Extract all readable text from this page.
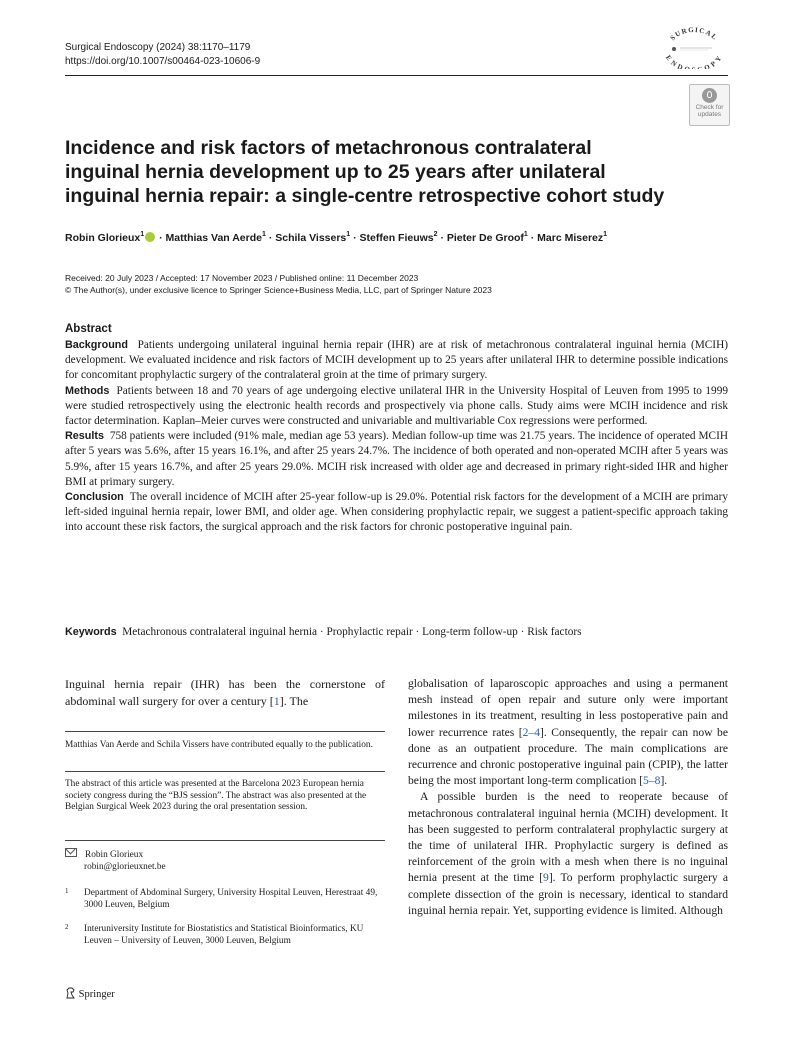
Surgical Endoscopy (2024) 38:1170–1179
https://doi.org/10.1007/s00464-023-10606-9
SURGICAL
END OPY
Check for
updates
Incidence and risk factors of metachronous contralateral inguinal hernia development up to 25 years after unilateral inguinal hernia repair: a single-centre retrospective cohort study
Robin Glorieux$^1$ · Matthias Van Aerde$^1$ · Schila Vissers$^1$ · Steffen Fieuws$^2$ · Pieter De Groof$^1$ · Marc Miserez$^1$
Received: 20 July 2023 / Accepted: 17 November 2023 / Published online: 11 December 2023
© The Author(s), under exclusive licence to Springer Science+Business Media, LLC, part of Springer Nature 2023
Abstract

Background Patients undergoing unilateral inguinal hernia repair (IHR) are at risk of metachronous contralateral inguinal hernia (MCIH) development. We evaluated incidence and risk factors of MCIH development up to 25 years after unilateral IHR to determine possible indications for concomitant prophylactic surgery of the contralateral groin at the time of primary surgery.

Methods Patients between 18 and 70 years of age undergoing elective unilateral IHR in the University Hospital of Leuven from 1995 to 1999 were studied retrospectively using the electronic health records and prospectively via phone calls. Study aims were MCIH incidence and risk factor determination. Kaplan–Meier curves were constructed and univariable and multivariable Cox regressions were performed.

Results 758 patients were included (91% male, median age 53 years). Median follow-up time was 21.75 years. The incidence of operated MCIH after 5 years was 5.6%, after 15 years 16.1%, and after 25 years 24.7%. The incidence of both operated and non-operated MCIH after 5 years was 5.9%, after 15 years 16.7%, and after 25 years 29.0%. MCIH risk increased with older age and decreased in primary right-sided IHR and higher BMI at primary surgery.

Conclusion The overall incidence of MCIH after 25-year follow-up is 29.0%. Potential risk factors for the development of a MCIH are primary left-sided inguinal hernia repair, lower BMI, and older age. When considering prophylactic repair, we suggest a patient-specific approach taking into account these risk factors, the surgical approach and the risk factors for chronic postoperative inguinal pain.

Keywords Metachronous contralateral inguinal hernia · Prophylactic repair · Long-term follow-up · Risk factors
Inguinal hernia repair (IHR) has been the cornerstone of abdominal wall surgery for over a century [1]. The
Matthias Van Aerde and Schila Vissers have contributed equally to the publication.
The abstract of this article was presented at the Barcelona 2023 European hernia society congress during the “BJS session”. The abstract was also presented at the Belgian Surgical Week 2023 during the oral presentation session.
Robin Glorieux
robin@glorieuxnet.be
1 Department of Abdominal Surgery, University Hospital Leuven, Herestraat 49, 3000 Leuven, Belgium
2 Interuniversity Institute for Biostatistics and Statistical Bioinformatics, KU Leuven – University of Leuven, 3000 Leuven, Belgium

globalisation of laparoscopic approaches and using a permanent mesh instead of open repair and suture only were important milestones in its treatment, resulting in less postoperative pain and lower recurrence rates [2–4]. Consequently, the repair can now be done as an outpatient procedure. The main complications are recurrence and chronic postoperative inguinal pain (CPIP), the latter being the most important long-term complication [5–8].

A possible burden is the need to reoperate because of metachronous contralateral inguinal hernia (MCIH) development. It has been suggested to perform contralateral prophylactic surgery at the time of unilateral IHR. Prophylactic surgery is defined as reinforcement of the groin with a mesh when there is no inguinal hernia present at the time [9]. To perform prophylactic surgery a complete dissection of the groin is necessary, identical to standard inguinal hernia repair. Yet, supporting evidence is limited. Although

Springer
